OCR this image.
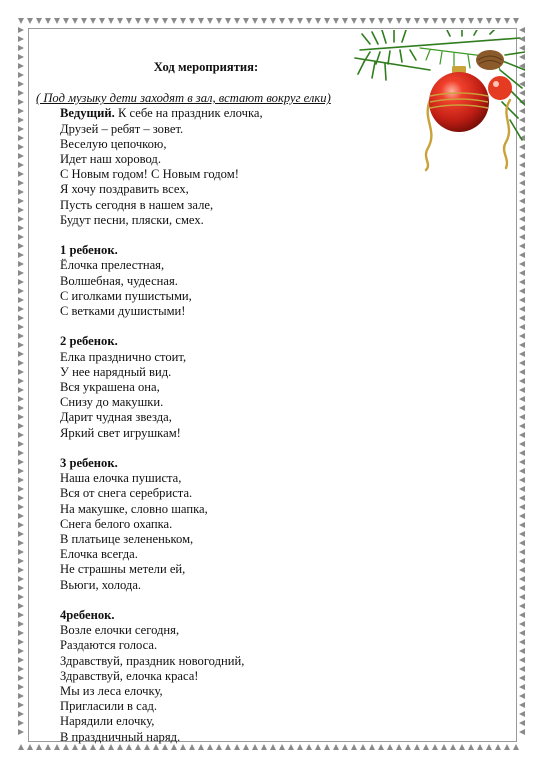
Ход мероприятия:
( Под музыку дети заходят в зал, встают вокруг елки)
Ведущий. К себе на праздник елочка,
Друзей – ребят – зовет.
Веселую цепочкою,
Идет наш хоровод.
С Новым годом! С Новым годом!
Я хочу поздравить всех,
Пусть сегодня в нашем зале,
Будут песни, пляски, смех.
1 ребенок.
Ёлочка прелестная,
Волшебная, чудесная.
С иголками пушистыми,
С ветками душистыми!
2 ребенок.
Елка празднично стоит,
У нее нарядный вид.
Вся украшена она,
Снизу до макушки.
Дарит чудная звезда,
Яркий свет игрушкам!
3 ребенок.
Наша елочка пушиста,
Вся от снега серебриста.
На макушке, словно шапка,
Снега белого охапка.
В платьице зелененьком,
Елочка всегда.
Не страшны метели ей,
Вьюги, холода.
4ребенок.
Возле елочки сегодня,
Раздаются голоса.
Здравствуй, праздник новогодний,
Здравствуй, елочка краса!
Мы из леса елочку,
Пригласили в сад.
Нарядили елочку,
В праздничный наряд.
